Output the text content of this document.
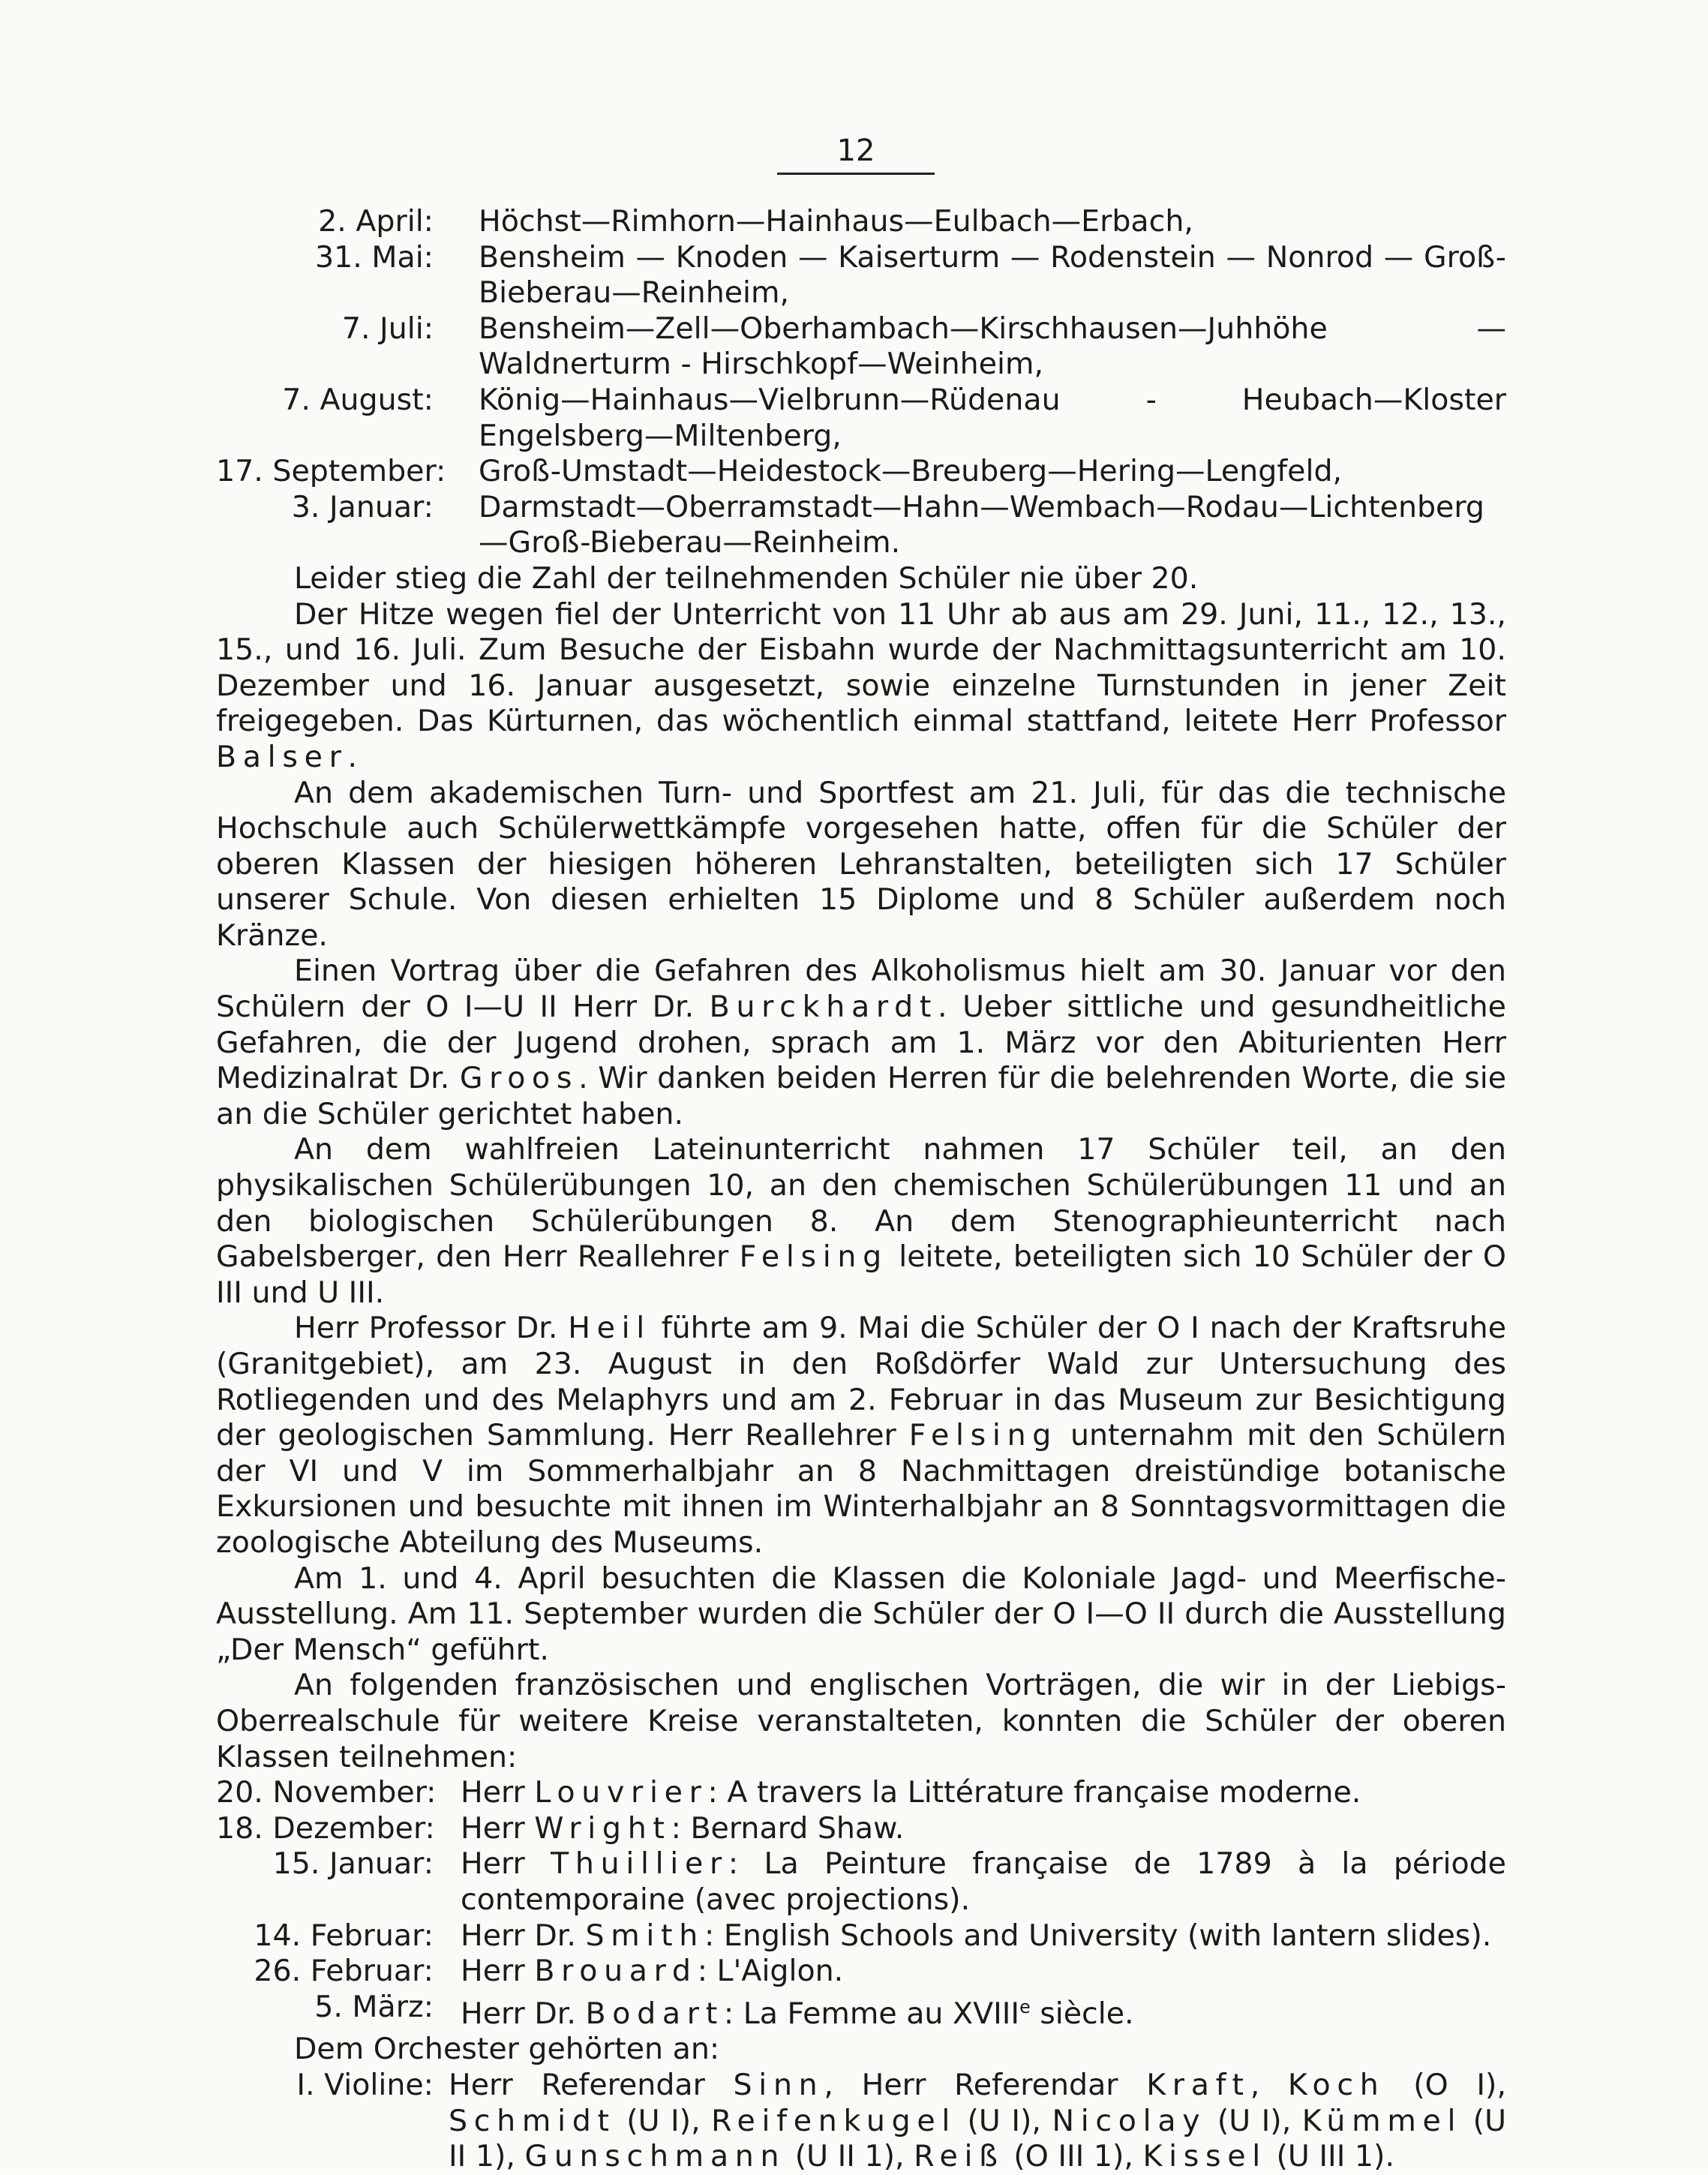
12
2. April:	Höchst—Rimhorn—Hainhaus—Eulbach—Erbach,
31. Mai:	Bensheim — Knoden — Kaiserturm — Rodenstein — Nonrod — Groß-Bieberau—Reinheim,
7. Juli:	Bensheim—Zell—Oberhambach—Kirschhausen—Juhhöhe — Waldnerturm - Hirschkopf—Weinheim,
7. August:	König—Hainhaus—Vielbrunn—Rüdenau - Heubach—Kloster Engelsberg—Miltenberg,
17. September:	Groß-Umstadt—Heidestock—Breuberg—Hering—Lengfeld,
3. Januar:	Darmstadt—Oberramstadt—Hahn—Wembach—Rodau—Lichtenberg—Groß-Bieberau—Reinheim.

Leider stieg die Zahl der teilnehmenden Schüler nie über 20.

Der Hitze wegen fiel der Unterricht von 11 Uhr ab aus am 29. Juni, 11., 12., 13., 15., und 16. Juli. Zum Besuche der Eisbahn wurde der Nachmittagsunterricht am 10. Dezember und 16. Januar ausgesetzt, sowie einzelne Turnstunden in jener Zeit freigegeben. Das Kürturnen, das wöchentlich einmal stattfand, leitete Herr Professor Balser.

An dem akademischen Turn- und Sportfest am 21. Juli, für das die technische Hochschule auch Schülerwettkämpfe vorgesehen hatte, offen für die Schüler der oberen Klassen der hiesigen höheren Lehranstalten, beteiligten sich 17 Schüler unserer Schule. Von diesen erhielten 15 Diplome und 8 Schüler außerdem noch Kränze.

Einen Vortrag über die Gefahren des Alkoholismus hielt am 30. Januar vor den Schülern der O I—U II Herr Dr. Burckhardt. Ueber sittliche und gesundheitliche Gefahren, die der Jugend drohen, sprach am 1. März vor den Abiturienten Herr Medizinalrat Dr. Groos. Wir danken beiden Herren für die belehrenden Worte, die sie an die Schüler gerichtet haben.

An dem wahlfreien Lateinunterricht nahmen 17 Schüler teil, an den physikalischen Schülerübungen 10, an den chemischen Schülerübungen 11 und an den biologischen Schülerübungen 8. An dem Stenographieunterricht nach Gabelsberger, den Herr Reallehrer Felsing leitete, beteiligten sich 10 Schüler der O III und U III.

Herr Professor Dr. Heil führte am 9. Mai die Schüler der O I nach der Kraftsruhe (Granitgebiet), am 23. August in den Roßdörfer Wald zur Untersuchung des Rotliegenden und des Melaphyrs und am 2. Februar in das Museum zur Besichtigung der geologischen Sammlung. Herr Reallehrer Felsing unternahm mit den Schülern der VI und V im Sommerhalbjahr an 8 Nachmittagen dreistündige botanische Exkursionen und besuchte mit ihnen im Winterhalbjahr an 8 Sonntagsvormittagen die zoologische Abteilung des Museums.

Am 1. und 4. April besuchten die Klassen die Koloniale Jagd- und Meerfische-Ausstellung. Am 11. September wurden die Schüler der O I—O II durch die Ausstellung „Der Mensch“ geführt.

An folgenden französischen und englischen Vorträgen, die wir in der Liebigs-Oberrealschule für weitere Kreise veranstalteten, konnten die Schüler der oberen Klassen teilnehmen:

20. November: Herr Louvrier: A travers la Littérature française moderne.
18. Dezember: Herr Wright: Bernard Shaw.
15. Januar: Herr Thuillier: La Peinture française de 1789 à la période contemporaine (avec projections).
14. Februar: Herr Dr. Smith: English Schools and University (with lantern slides).
26. Februar: Herr Brouard: L'Aiglon.
5. März: Herr Dr. Bodart: La Femme au XVIIIe siècle.

Dem Orchester gehörten an:

I. Violine: Herr Referendar Sinn, Herr Referendar Kraft, Koch (O I), Schmidt (U I), Reifenkugel (U I), Nicolay (U I), Kümmel (U II 1), Gunschmann (U II 1), Reiß (O III 1), Kissel (U III 1).
